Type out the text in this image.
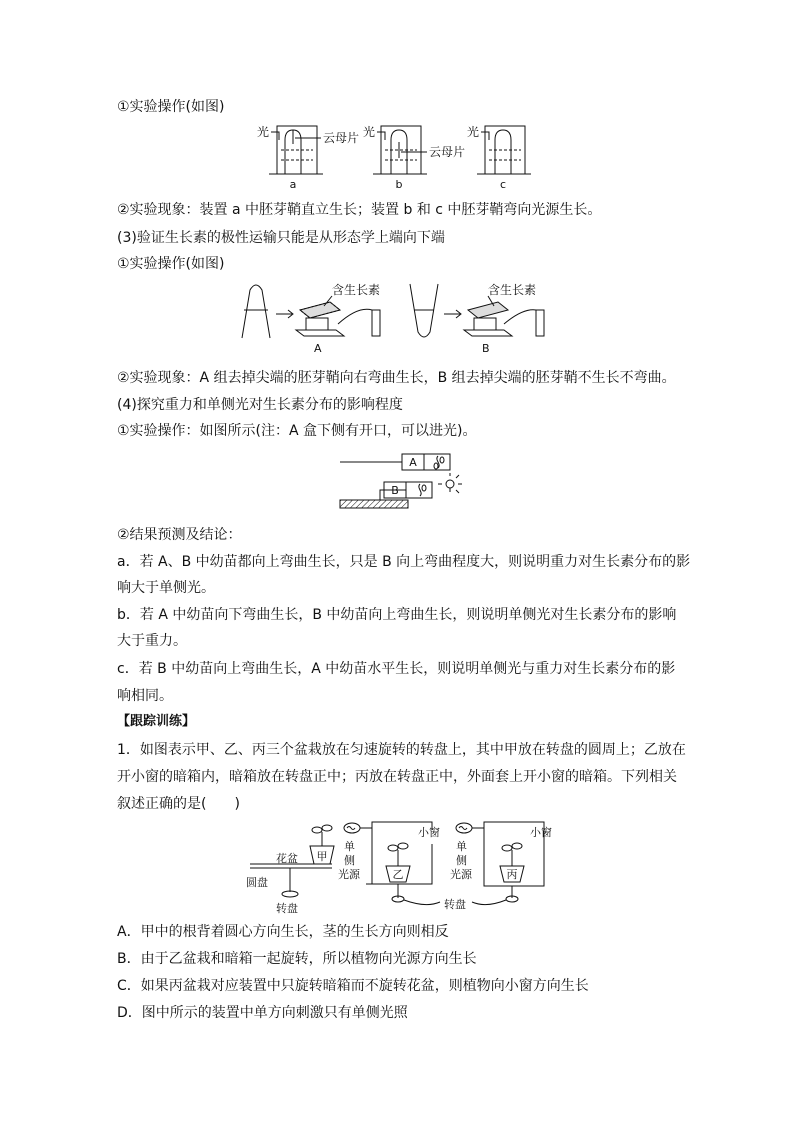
①实验操作(如图)
光	云母片
a
光
云母片
b
光
c
②实验现象：装置 a 中胚芽鞘直立生长；装置 b 和 c 中胚芽鞘弯向光源生长。
(3)验证生长素的极性运输只能是从形态学上端向下端
①实验操作(如图)
含生长素
A
含生长素
B
②实验现象：A 组去掉尖端的胚芽鞘向右弯曲生长，B 组去掉尖端的胚芽鞘不生长不弯曲。
(4)探究重力和单侧光对生长素分布的影响程度
①实验操作：如图所示(注：A 盒下侧有开口，可以进光)。
A
B
②结果预测及结论：
a．若 A、B 中幼苗都向上弯曲生长，只是 B 向上弯曲程度大，则说明重力对生长素分布的影
响大于单侧光。
b．若 A 中幼苗向下弯曲生长，B 中幼苗向上弯曲生长，则说明单侧光对生长素分布的影响
大于重力。
c．若 B 中幼苗向上弯曲生长，A 中幼苗水平生长，则说明单侧光与重力对生长素分布的影
响相同。
【跟踪训练】
1．如图表示甲、乙、丙三个盆栽放在匀速旋转的转盘上，其中甲放在转盘的圆周上；乙放在
开小窗的暗箱内，暗箱放在转盘正中；丙放在转盘正中，外面套上开小窗的暗箱。下列相关
叙述正确的是(　　)
甲
花盆
圆盘
转盘
单
侧
光源
小窗
乙
单
侧
光源
小窗
丙
转盘
A．甲中的根背着圆心方向生长，茎的生长方向则相反
B．由于乙盆栽和暗箱一起旋转，所以植物向光源方向生长
C．如果丙盆栽对应装置中只旋转暗箱而不旋转花盆，则植物向小窗方向生长
D．图中所示的装置中单方向刺激只有单侧光照
